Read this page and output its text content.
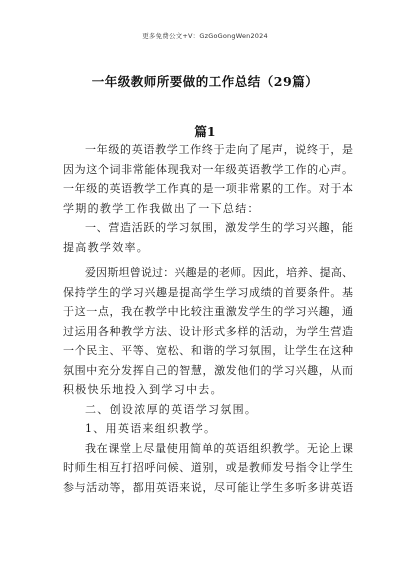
更多免费公文+V：GzGoGongWen2024
一年级教师所要做的工作总结（29篇）
篇1
一年级的英语教学工作终于走向了尾声，说终于，是
因为这个词非常能体现我对一年级英语教学工作的心声。
一年级的英语教学工作真的是一项非常累的工作。对于本
学期的教学工作我做出了一下总结：
一、营造活跃的学习氛围，激发学生的学习兴趣，能
提高教学效率。
爱因斯坦曾说过：兴趣是的老师。因此，培养、提高、
保持学生的学习兴趣是提高学生学习成绩的首要条件。基
于这一点，我在教学中比较注重激发学生的学习兴趣，通
过运用各种教学方法、设计形式多样的活动，为学生营造
一个民主、平等、宽松、和谐的学习氛围，让学生在这种
氛围中充分发挥自己的智慧，激发他们的学习兴趣，从而
积极快乐地投入到学习中去。
二、创设浓厚的英语学习氛围。
1、用英语来组织教学。
我在课堂上尽量使用简单的英语组织教学。无论上课
时师生相互打招呼问候、道别，或是教师发号指令让学生
参与活动等，都用英语来说，尽可能让学生多听多讲英语
